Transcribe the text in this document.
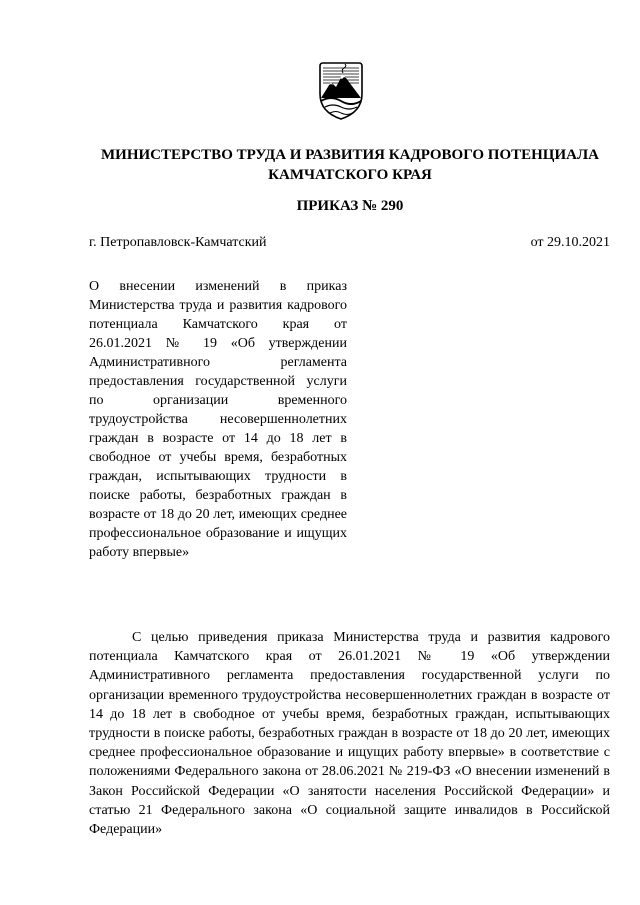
МИНИСТЕРСТВО ТРУДА И РАЗВИТИЯ КАДРОВОГО ПОТЕНЦИАЛА КАМЧАТСКОГО КРАЯ
ПРИКАЗ № 290
г. Петропавловск-Камчатский	от 29.10.2021

О внесении изменений в приказ Министерства труда и развития кадрового потенциала Камчатского края от 26.01.2021 № 19 «Об утверждении Административного регламента предоставления государственной услуги по организации временного трудоустройства несовершеннолетних граждан в возрасте от 14 до 18 лет в свободное от учебы время, безработных граждан, испытывающих трудности в поиске работы, безработных граждан в возрасте от 18 до 20 лет, имеющих среднее профессиональное образование и ищущих работу впервые»

С целью приведения приказа Министерства труда и развития кадрового потенциала Камчатского края от 26.01.2021 № 19 «Об утверждении Административного регламента предоставления государственной услуги по организации временного трудоустройства несовершеннолетних граждан в возрасте от 14 до 18 лет в свободное от учебы время, безработных граждан, испытывающих трудности в поиске работы, безработных граждан в возрасте от 18 до 20 лет, имеющих среднее профессиональное образование и ищущих работу впервые» в соответствие с положениями Федерального закона от 28.06.2021 № 219-ФЗ «О внесении изменений в Закон Российской Федерации «О занятости населения Российской Федерации» и статью 21 Федерального закона «О социальной защите инвалидов в Российской Федерации»
